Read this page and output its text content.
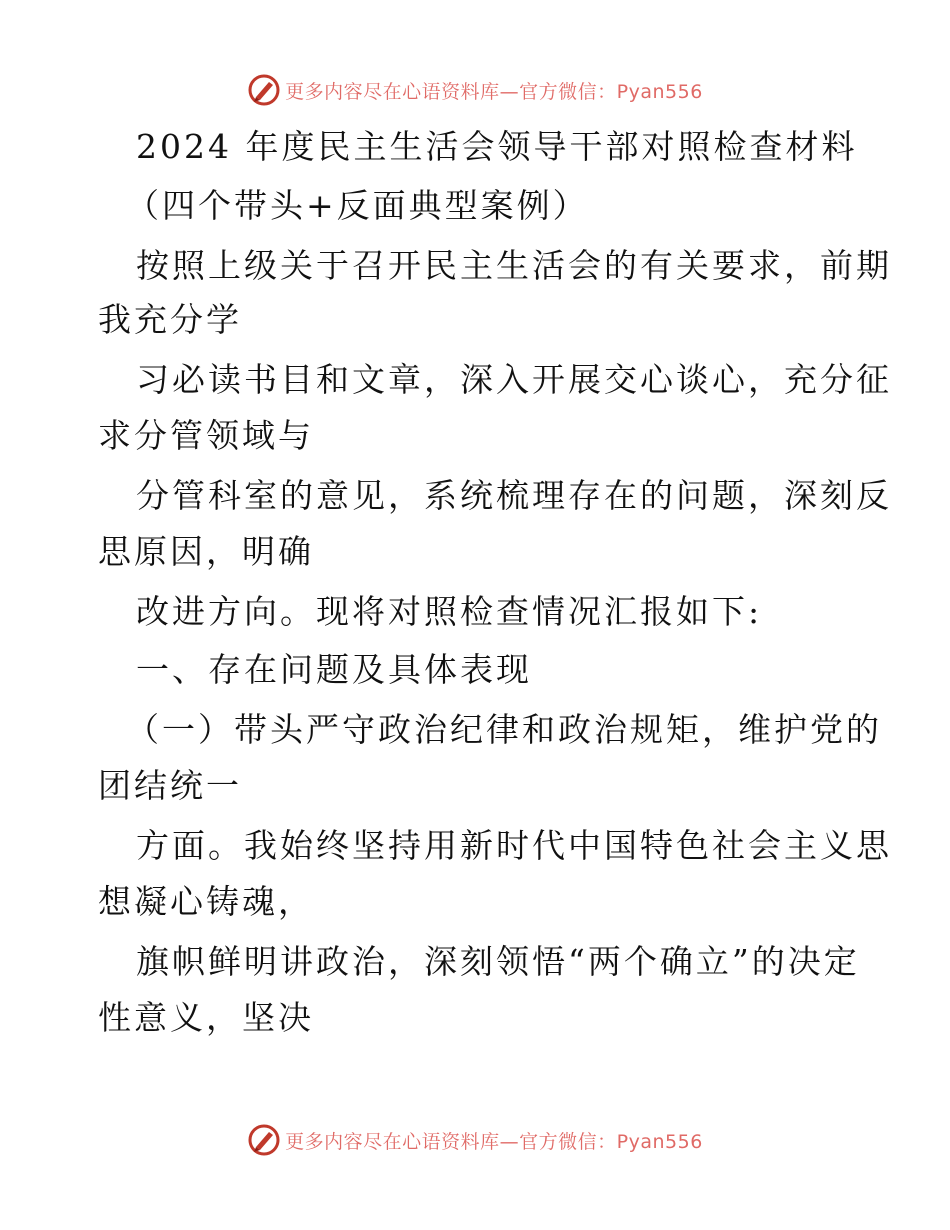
更多内容尽在心语资料库—官方微信：Pyan556
2024 年度民主生活会领导干部对照检查材料
（四个带头+反面典型案例）
按照上级关于召开民主生活会的有关要求，前期
我充分学
习必读书目和文章，深入开展交心谈心，充分征
求分管领域与
分管科室的意见，系统梳理存在的问题，深刻反
思原因，明确
改进方向。现将对照检查情况汇报如下:
一、存在问题及具体表现
（一）带头严守政治纪律和政治规矩，维护党的
团结统一
方面。我始终坚持用新时代中国特色社会主义思
想凝心铸魂，
旗帜鲜明讲政治，深刻领悟“两个确立”的决定
性意义，坚决
更多内容尽在心语资料库—官方微信：Pyan556
